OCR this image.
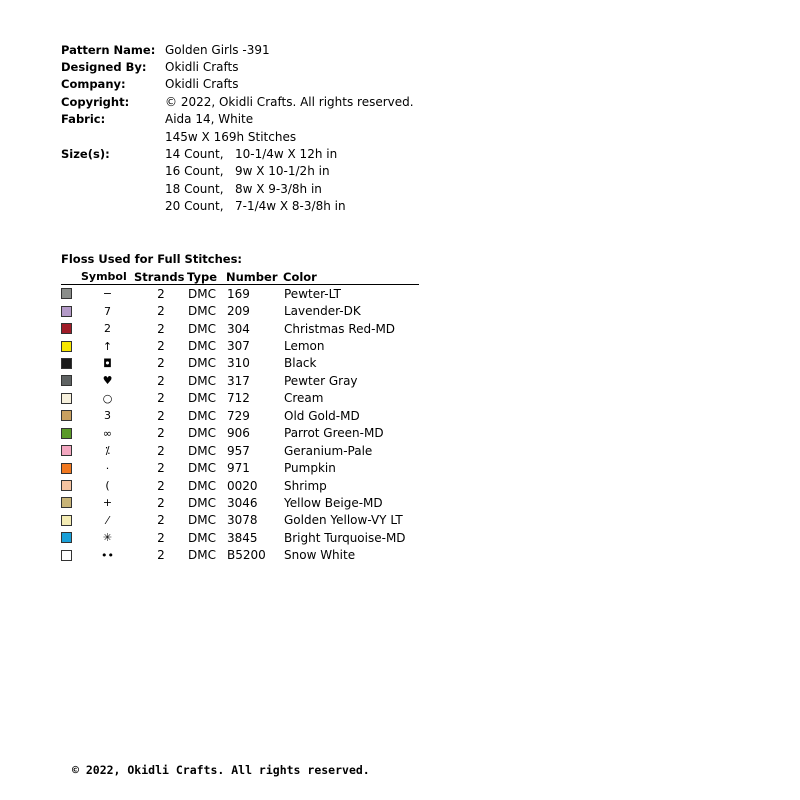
Pattern Name: Golden Girls -391
Designed By:	Okidli Crafts
Company:	Okidli Crafts
Copyright:	© 2022, Okidli Crafts. All rights reserved.
Fabric:	Aida 14, White
145w X 169h Stitches
Size(s):	14 Count,   10-1/4w X 12h in
16 Count,   9w X 10-1/2h in
18 Count,   8w X 9-3/8h in
20 Count,   7-1/4w X 8-3/8h in
Floss Used for Full Stitches:
Symbol Strands Type Number Color
−	2	DMC 169	Pewter-LT
7	2	DMC 209	Lavender-DK
2	2	DMC 304	Christmas Red-MD
↑	2	DMC 307	Lemon
◘	2	DMC 310	Black
♥	2	DMC 317	Pewter Gray
○	2	DMC 712	Cream
3	2	DMC 729	Old Gold-MD
∞	2	DMC 906	Parrot Green-MD
⁒	2	DMC 957	Geranium-Pale
·	2	DMC 971	Pumpkin
(	2	DMC 0020	Shrimp
+	2	DMC 3046	Yellow Beige-MD
⁄	2	DMC 3078	Golden Yellow-VY LT
✳	2	DMC 3845	Bright Turquoise-MD
••	2	DMC B5200	Snow White
© 2022, Okidli Crafts. All rights reserved.
